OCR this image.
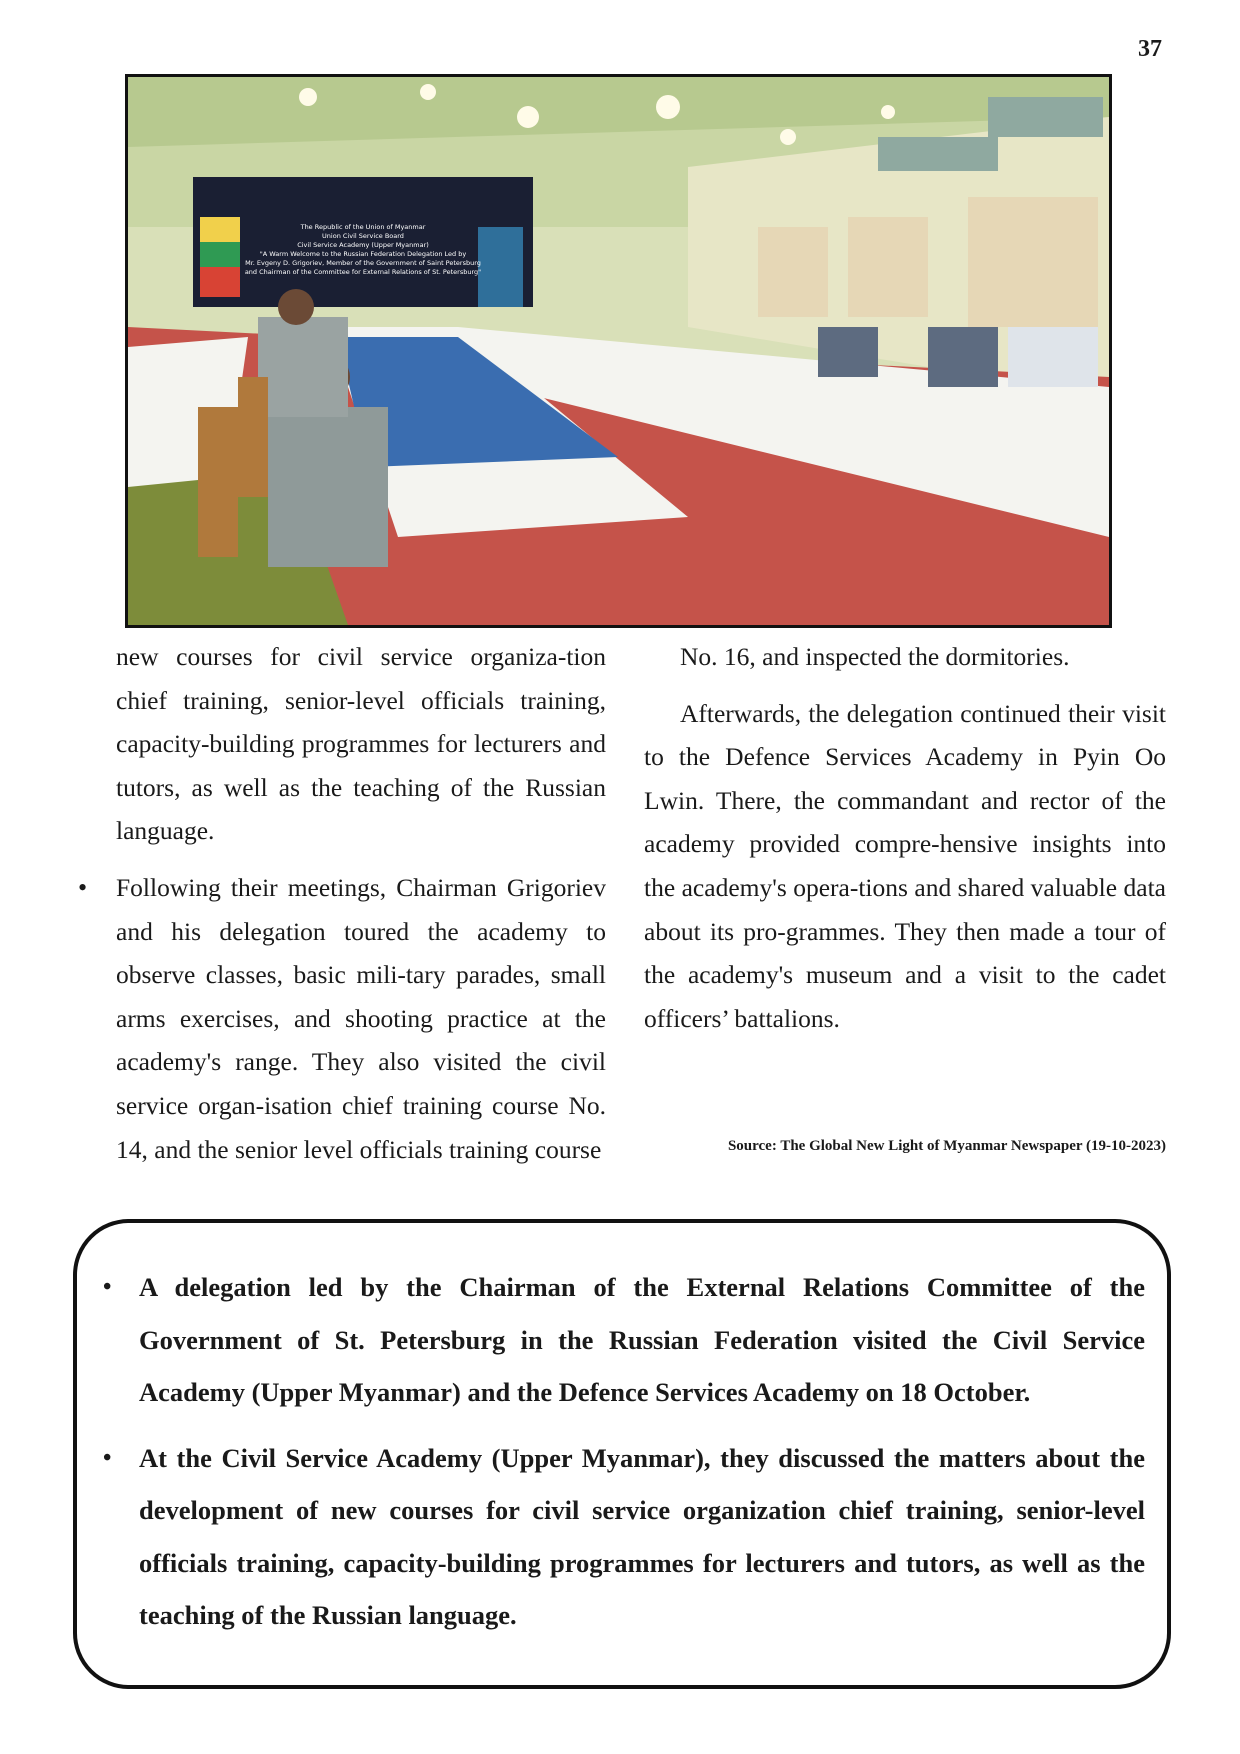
37
The Republic of the Union of Myanmar
Union Civil Service Board
Civil Service Academy (Upper Myanmar)
"A Warm Welcome to the Russian Federation Delegation Led by
Mr. Evgeny D. Grigoriev, Member of the Government of Saint Petersburg
and Chairman of the Committee for External Relations of St. Petersburg"

new courses for civil service organiza-tion chief training, senior-level officials training, capacity-building programmes for lecturers and tutors, as well as the teaching of the Russian language.

• Following their meetings, Chairman Grigoriev and his delegation toured the academy to observe classes, basic mili-tary parades, small arms exercises, and shooting practice at the academy's range. They also visited the civil service organ-isation chief training course No. 14, and the senior level officials training course

No. 16, and inspected the dormitories.

Afterwards, the delegation continued their visit to the Defence Services Academy in Pyin Oo Lwin. There, the commandant and rector of the academy provided compre-hensive insights into the academy's opera-tions and shared valuable data about its pro-grammes. They then made a tour of the academy's museum and a visit to the cadet officers’ battalions.

Source: The Global New Light of Myanmar Newspaper (19-10-2023)
• A delegation led by the Chairman of the External Relations Committee of the Government of St. Petersburg in the Russian Federation visited the Civil Service Academy (Upper Myanmar) and the Defence Services Academy on 18 October.
• At the Civil Service Academy (Upper Myanmar), they discussed the matters about the development of new courses for civil service organization chief training, senior-level officials training, capacity-building programmes for lecturers and tutors, as well as the teaching of the Russian language.
